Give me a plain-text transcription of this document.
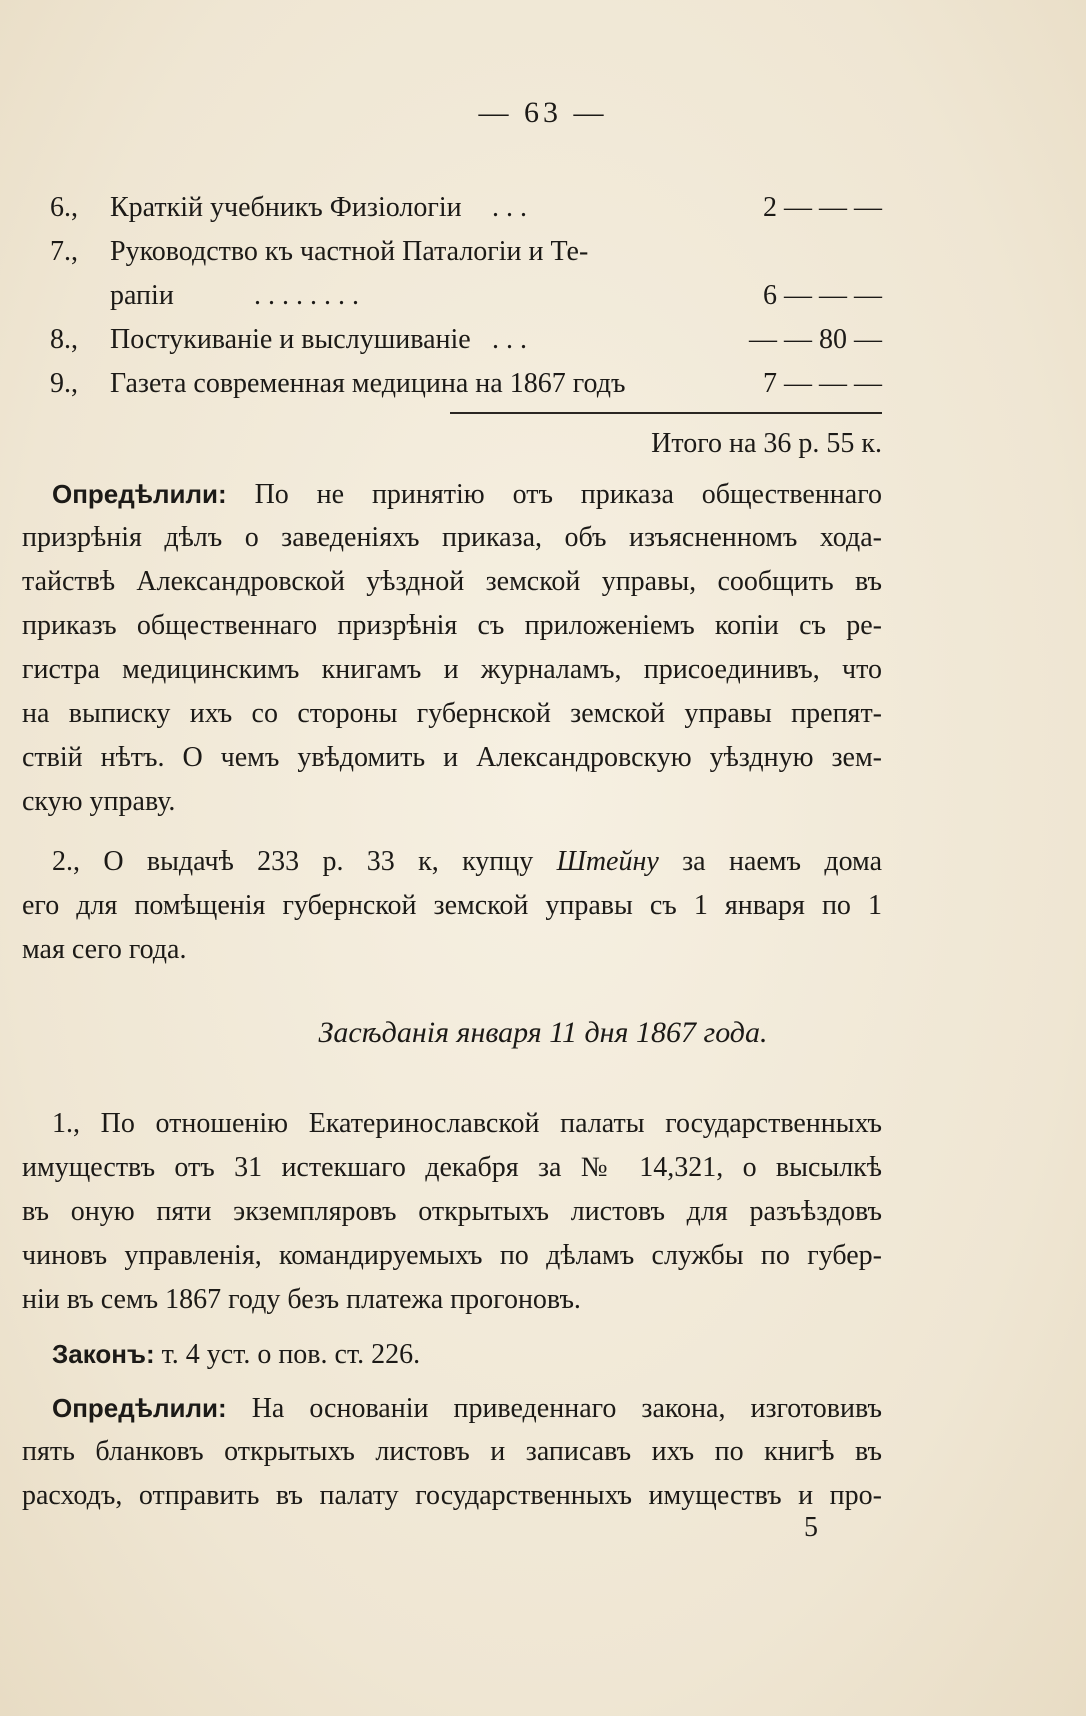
— 63 —
6., Краткій учебникъ Физіологіи . . .	2 — — —
7., Руководство къ частной Паталогіи и Те-
рапіи	. . . . . . . .	6 — — —
8., Постукиваніе и выслушиваніе . . .	— — 80 —
9., Газета современная медицина на 1867 годъ	7 — — —
Итого на 36 р. 55 к.
Опредѣлили: По не принятію отъ приказа общественнаго
призрѣнія дѣлъ о заведеніяхъ приказа, объ изъясненномъ хода-
тайствѣ Александровской уѣздной земской управы, сообщить въ
приказъ общественнаго призрѣнія съ приложеніемъ копіи съ ре-
гистра медицинскимъ книгамъ и журналамъ, присоединивъ, что
на выписку ихъ со стороны губернской земской управы препят-
ствій нѣтъ. О чемъ увѣдомить и Александровскую уѣздную зем-
скую управу.
2., О выдачѣ 233 р. 33 к, купцу Штейну за наемъ дома
его для помѣщенія губернской земской управы съ 1 января по 1
мая сего года.
Засѣданія января 11 дня 1867 года.
1., По отношенію Екатеринославской палаты государственныхъ
имуществъ отъ 31 истекшаго декабря за № 14,321, о высылкѣ
въ оную пяти экземпляровъ открытыхъ листовъ для разъѣздовъ
чиновъ управленія, командируемыхъ по дѣламъ службы по губер-
ніи въ семъ 1867 году безъ платежа прогоновъ.
Законъ: т. 4 уст. о пов. ст. 226.
Опредѣлили: На основаніи приведеннаго закона, изготовивъ
пять бланковъ открытыхъ листовъ и записавъ ихъ по книгѣ въ
расходъ, отправить въ палату государственныхъ имуществъ и про-
5
